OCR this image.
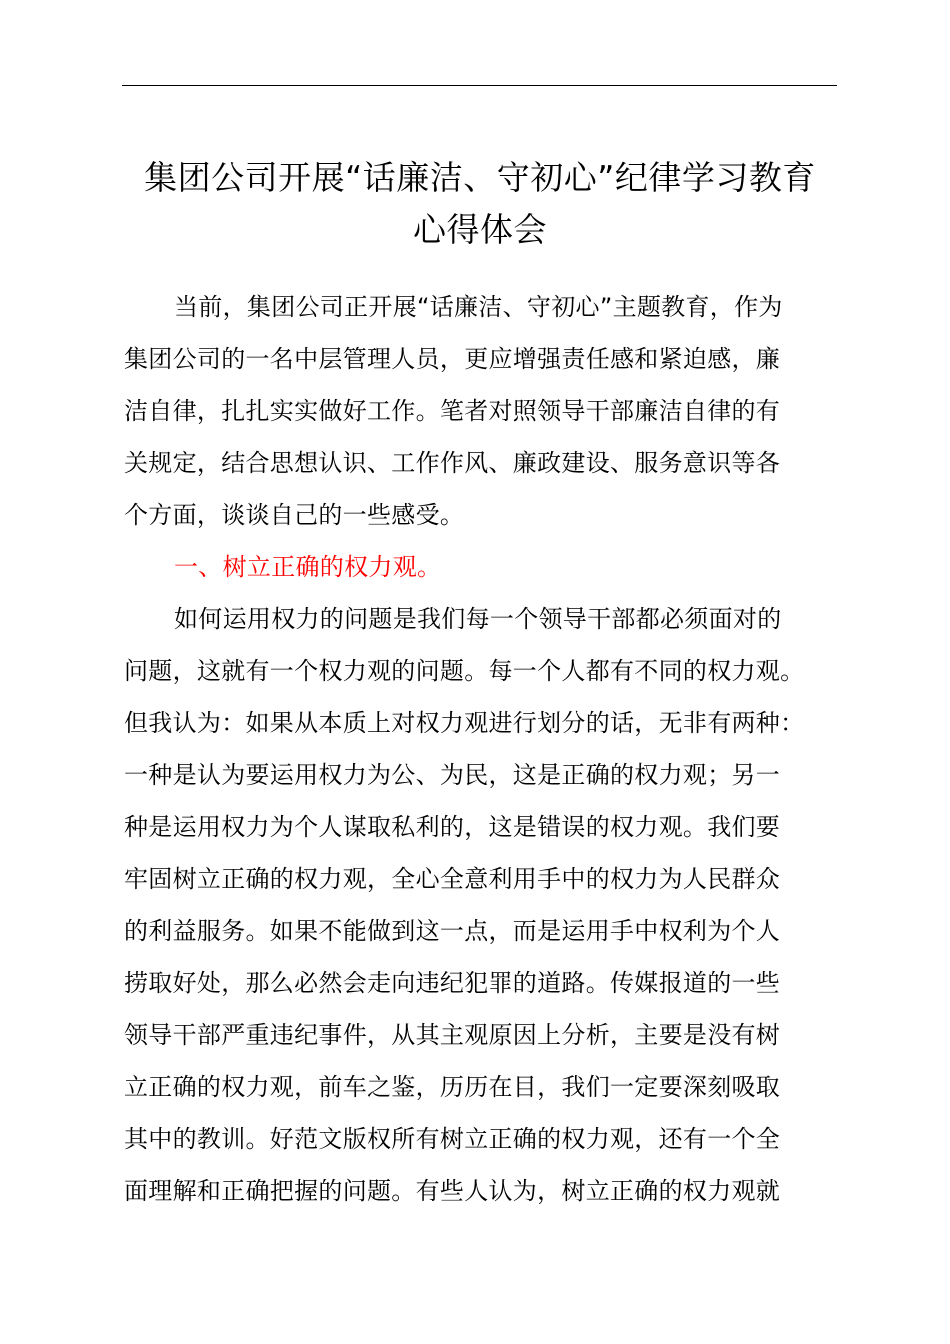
集团公司开展“话廉洁、守初心”纪律学习教育
心得体会
当前，集团公司正开展“话廉洁、守初心”主题教育，作为
集团公司的一名中层管理人员，更应增强责任感和紧迫感，廉
洁自律，扎扎实实做好工作。笔者对照领导干部廉洁自律的有
关规定，结合思想认识、工作作风、廉政建设、服务意识等各
个方面，谈谈自己的一些感受。
一、树立正确的权力观。
如何运用权力的问题是我们每一个领导干部都必须面对的
问题，这就有一个权力观的问题。每一个人都有不同的权力观。
但我认为：如果从本质上对权力观进行划分的话，无非有两种：
一种是认为要运用权力为公、为民，这是正确的权力观；另一
种是运用权力为个人谋取私利的，这是错误的权力观。我们要
牢固树立正确的权力观，全心全意利用手中的权力为人民群众
的利益服务。如果不能做到这一点，而是运用手中权利为个人
捞取好处，那么必然会走向违纪犯罪的道路。传媒报道的一些
领导干部严重违纪事件，从其主观原因上分析，主要是没有树
立正确的权力观，前车之鉴，历历在目，我们一定要深刻吸取
其中的教训。好范文版权所有树立正确的权力观，还有一个全
面理解和正确把握的问题。有些人认为，树立正确的权力观就
